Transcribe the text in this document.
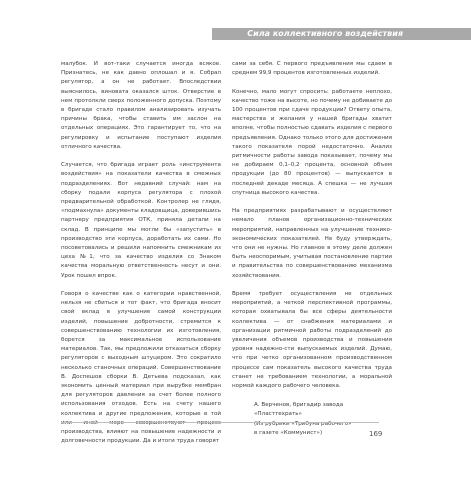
Сила коллективного воздействия

малубок. И вот-таки случается иногда всякое. Признатесь, не как давно оплошал и я. Собрал регулятор, а он не работает. Впоследствии выяснилось, виновата оказался шток. Отверстие в нем протолкли сверх положенного допуска. Поэтому в бригаде стало правилом анализировать изучать причины брака, чтобы ставить им заслон на отдельных операциях. Это гарантирует то, что на регулировку и испытание поступают изделия отличного качества.

Случается, что бригада играет роль «инструмента воздействия» на показатели качества в смежных подразделениях. Вот недавний случай: нам на сборку подали корпуса регулятора с плохой предварительной обработкой. Контролер не глядя, «подмахнула» документы кладовщица, доверившись партнеру предприятия ОТК, приняла детали на склад. В принципе мы могли бы «запустить» в производство эти корпуса, доработать их сами. Но посоветовались и решили напомнить смежникам из цеха №1, что за качество изделия со Знаком качества моральную ответственность несут и они. Урок пошел впрок.

Говоря о качестве как о категории нравственной, нельзя не сбиться и тот факт, что бригада вносит свой вклад в улучшение самой конструкции изделий, повышение добротности, стремится к совершенствованию технологии их изготовления, борется за максимальное использование материалов. Так, мы предложили отказаться сборку регуляторов с выходным штуцером. Это сократило несколько станочных операций. Совершенствование В. Доспешов сборки В. Детьева подсказал, как экономить ценный материал при вырубке мембран для регуляторов давления за счет более полного использования отходов. Есть на счету нашего коллектива и другие предложения, которые в той или иной мере совершенствуют процесс производства, влияют на повышение надежности и долговечности продукции. Да и итоги труда говорят

сами за себя. С первого предъявления мы сдаем в среднем 99,9 процентов изготовленных изделий.

Конечно, мало могут спросить: работаете неплохо, качество тоже на высоте, но почему не добиваете до 100 процентов при сдаче продукции? Ответу опыта, мастерства и желания у нашей бригады хватит вполне, чтобы полностью сдавать изделия с первого предъявления. Однако только этого для достижения такого показателя порой недостаточно. Анализ ритмичности работы завода показывает, почему мы не добираем 0,1–0,2 процента, основной объем продукции (до 80 процентов) — выпускается в последней декаде месяца. А спешка — не лучшая спутница высокого качества.

На предприятиях разрабатывают и осуществляют немало планов организационно-технических мероприятий, направленных на улучшение технико-экономических показателей. Не буду утверждать, что они не нужны. Но главное в этому деле должен быть неоспоримым, учитывая постановление партии и правительства по совершенствованию механизма хозяйствования.

Время требует осуществления не отдельных мероприятий, а четкой перспективной программы, которая охватывала бы все сферы деятельности коллектива — от снабжения материалами и организации ритмичной работы подразделений до увеличения объемов производства и повышения уровня надежно-сти выпускаемых изделий. Думаю, что при четко организованном производственном процессе сам показатель высокого качества труда станет не требованием технологии, а моральной нормой каждого рабочего человека.

А. Верченов, бригадир завода «Пласттехрать»
(Из рубрики «Трибуна рабочего»
в газете «Коммунист»)	169
